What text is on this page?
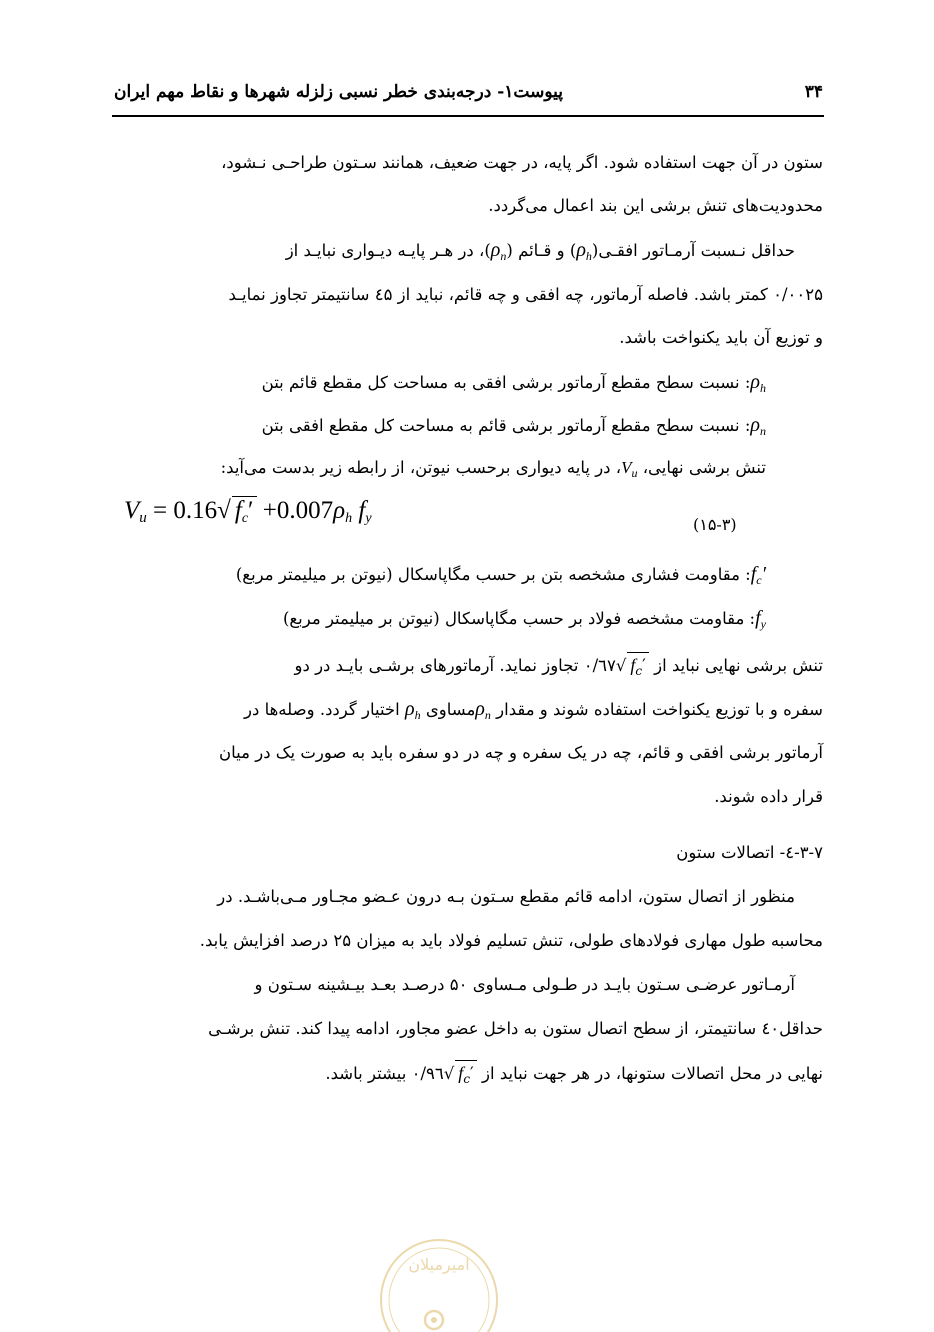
۳۴
پیوست۱- درجه‌بندی خطر نسبی زلزله شهرها و نقاط مهم ایران
ستون در آن جهت استفاده شود. اگر پایه، در جهت ضعیف، همانند سـتون طراحـی نـشود،
محدودیت‌های تنش برشی این بند اعمال می‌گردد.
حداقل نـسبت آرمـاتور $افقـی(\rho_h)$ و قـائم $(\rho_n)،$ در هـر پایـه دیـواری نبایـد از
۰/۰۰۲۵ کمتر باشد. فاصله آرماتور، چه افقی و چه قائم، نباید از ٤۵ سانتیمتر تجاوز نمایـد
و توزیع آن باید یکنواخت باشد.
$\rho_h$: نسبت سطح مقطع آرماتور برشی افقی به مساحت کل مقطع قائم بتن
$\rho_n$: نسبت سطح مقطع آرماتور برشی قائم به مساحت کل مقطع افقی بتن
تنش برشی نهایی، $V_u،$ در پایه دیواری برحسب نیوتن، از رابطه زیر بدست می‌آید:
$V_u = 0.16√$ $f_c' +0.007\rho_h$ $f_y$	(۱۵-۳)
$f_c'$: مقاومت فشاری مشخصه بتن بر حسب مگاپاسکال (نیوتن بر میلیمتر مربع)
$f_y$: مقاومت مشخصه فولاد بر حسب مگاپاسکال (نیوتن بر میلیمتر مربع)
تنش برشی نهایی نباید از ۰/٦۷√ $f_c'$ تجاوز نماید. آرماتورهای برشـی بایـد در دو
سفره و با توزیع یکنواخت استفاده شوند و مقدار $\rho_nمساوی$ $\rho_h$ اختیار گردد. وصله‌ها در
آرماتور برشی افقی و قائم، چه در یک سفره و چه در دو سفره باید به صورت یک در میان
قرار داده شوند.
۳-۷-٤- اتصالات ستون
منظور از اتصال ستون، ادامه قائم مقطع سـتون بـه درون عـضو مجـاور مـی‌باشـد. در
محاسبه طول مهاری فولادهای طولی، تنش تسلیم فولاد باید به میزان ۲۵ درصد افزایش یابد.
آرمـاتور عرضـی سـتون بایـد در طـولی مـساوی ۵۰ درصـد بعـد بیـشینه سـتون و
حداقل٤۰ سانتیمتر، از سطح اتصال ستون به داخل عضو مجاور، ادامه پیدا کند. تنش برشـی
نهایی در محل اتصالات ستونها، در هر جهت نباید از ۰/۹٦√ $f_c'$ بیشتر باشد.
امیرمیلان
